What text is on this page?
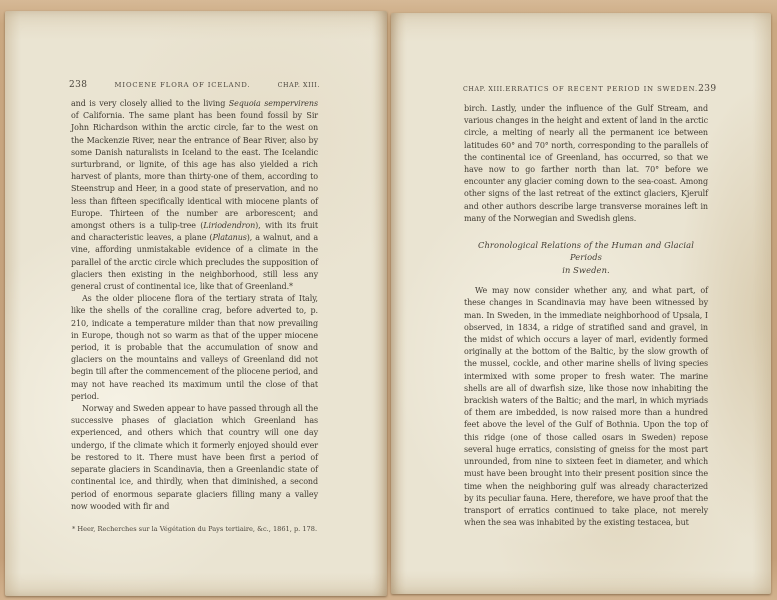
238	MIOCENE FLORA OF ICELAND.	CHAP. XIII.

and is very closely allied to the living Sequoia sempervirens of California. The same plant has been found fossil by Sir John Richardson within the arctic circle, far to the west on the Mackenzie River, near the entrance of Bear River, also by some Danish naturalists in Iceland to the east. The Icelandic surturbrand, or lignite, of this age has also yielded a rich harvest of plants, more than thirty-one of them, according to Steenstrup and Heer, in a good state of preservation, and no less than fifteen specifically identical with miocene plants of Europe. Thirteen of the number are arborescent; and amongst others is a tulip-tree (Liriodendron), with its fruit and characteristic leaves, a plane (Platanus), a walnut, and a vine, affording unmistakable evidence of a climate in the parallel of the arctic circle which precludes the supposition of glaciers then existing in the neighborhood, still less any general crust of continental ice, like that of Greenland.*

As the older pliocene flora of the tertiary strata of Italy, like the shells of the coralline crag, before adverted to, p. 210, indicate a temperature milder than that now prevailing in Europe, though not so warm as that of the upper miocene period, it is probable that the accumulation of snow and glaciers on the mountains and valleys of Greenland did not begin till after the commencement of the pliocene period, and may not have reached its maximum until the close of that period.

Norway and Sweden appear to have passed through all the successive phases of glaciation which Greenland has experienced, and others which that country will one day undergo, if the climate which it formerly enjoyed should ever be restored to it. There must have been first a period of separate glaciers in Scandinavia, then a Greenlandic state of continental ice, and thirdly, when that diminished, a second period of enormous separate glaciers filling many a valley now wooded with fir and

* Heer, Recherches sur la Végétation du Pays tertiaire, &c., 1861, p. 178.
CHAP. XIII. ERRATICS OF RECENT PERIOD IN SWEDEN. 239

birch. Lastly, under the influence of the Gulf Stream, and various changes in the height and extent of land in the arctic circle, a melting of nearly all the permanent ice between latitudes 60° and 70° north, corresponding to the parallels of the continental ice of Greenland, has occurred, so that we have now to go farther north than lat. 70° before we encounter any glacier coming down to the sea-coast. Among other signs of the last retreat of the extinct glaciers, Kjerulf and other authors describe large transverse moraines left in many of the Norwegian and Swedish glens.

Chronological Relations of the Human and Glacial Periods
in Sweden.

We may now consider whether any, and what part, of these changes in Scandinavia may have been witnessed by man. In Sweden, in the immediate neighborhood of Upsala, I observed, in 1834, a ridge of stratified sand and gravel, in the midst of which occurs a layer of marl, evidently formed originally at the bottom of the Baltic, by the slow growth of the mussel, cockle, and other marine shells of living species intermixed with some proper to fresh water. The marine shells are all of dwarfish size, like those now inhabiting the brackish waters of the Baltic; and the marl, in which myriads of them are imbedded, is now raised more than a hundred feet above the level of the Gulf of Bothnia. Upon the top of this ridge (one of those called osars in Sweden) repose several huge erratics, consisting of gneiss for the most part unrounded, from nine to sixteen feet in diameter, and which must have been brought into their present position since the time when the neighboring gulf was already characterized by its peculiar fauna. Here, therefore, we have proof that the transport of erratics continued to take place, not merely when the sea was inhabited by the existing testacea, but
